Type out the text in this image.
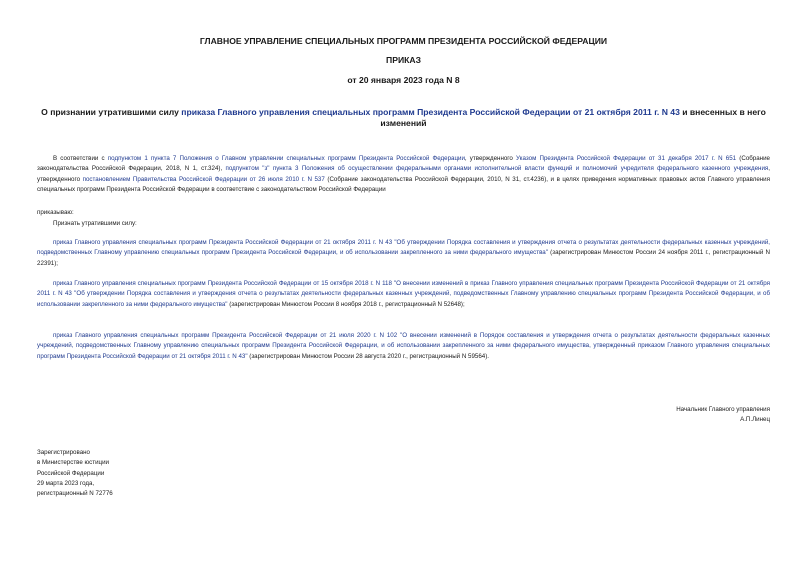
ГЛАВНОЕ УПРАВЛЕНИЕ СПЕЦИАЛЬНЫХ ПРОГРАММ ПРЕЗИДЕНТА РОССИЙСКОЙ ФЕДЕРАЦИИ
ПРИКАЗ
от 20 января 2023 года N 8
О признании утратившими силу приказа Главного управления специальных программ Президента Российской Федерации от 21 октября 2011 г. N 43 и внесенных в него изменений
В соответствии с подпунктом 1 пункта 7 Положения о Главном управлении специальных программ Президента Российской Федерации, утвержденного Указом Президента Российской Федерации от 31 декабря 2017 г. N 651 (Собрание законодательства Российской Федерации, 2018, N 1, ст.324), подпунктом "з" пункта 3 Положения об осуществлении федеральными органами исполнительной власти функций и полномочий учредителя федерального казенного учреждения, утвержденного постановлением Правительства Российской Федерации от 26 июля 2010 г. N 537 (Собрание законодательства Российской Федерации, 2010, N 31, ст.4236), и в целях приведения нормативных правовых актов Главного управления специальных программ Президента Российской Федерации в соответствие с законодательством Российской Федерации
приказываю:
Признать утратившими силу:
приказ Главного управления специальных программ Президента Российской Федерации от 21 октября 2011 г. N 43 "Об утверждении Порядка составления и утверждения отчета о результатах деятельности федеральных казенных учреждений, подведомственных Главному управлению специальных программ Президента Российской Федерации, и об использовании закрепленного за ними федерального имущества" (зарегистрирован Минюстом России 24 ноября 2011 г., регистрационный N 22391);
приказ Главного управления специальных программ Президента Российской Федерации от 15 октября 2018 г. N 118 "О внесении изменений в приказ Главного управления специальных программ Президента Российской Федерации от 21 октября 2011 г. N 43 "Об утверждении Порядка составления и утверждения отчета о результатах деятельности федеральных казенных учреждений, подведомственных Главному управлению специальных программ Президента Российской Федерации, и об использовании закрепленного за ними федерального имущества" (зарегистрирован Минюстом России 8 ноября 2018 г., регистрационный N 52648);
приказ Главного управления специальных программ Президента Российской Федерации от 21 июля 2020 г. N 102 "О внесении изменений в Порядок составления и утверждения отчета о результатах деятельности федеральных казенных учреждений, подведомственных Главному управлению специальных программ Президента Российской Федерации, и об использовании закрепленного за ними федерального имущества, утвержденный приказом Главного управления специальных программ Президента Российской Федерации от 21 октября 2011 г. N 43" (зарегистрирован Минюстом России 28 августа 2020 г., регистрационный N 59564).
Начальник Главного управления
А.П.Линец
Зарегистрировано
в Министерстве юстиции
Российской Федерации
29 марта 2023 года,
регистрационный N 72776
